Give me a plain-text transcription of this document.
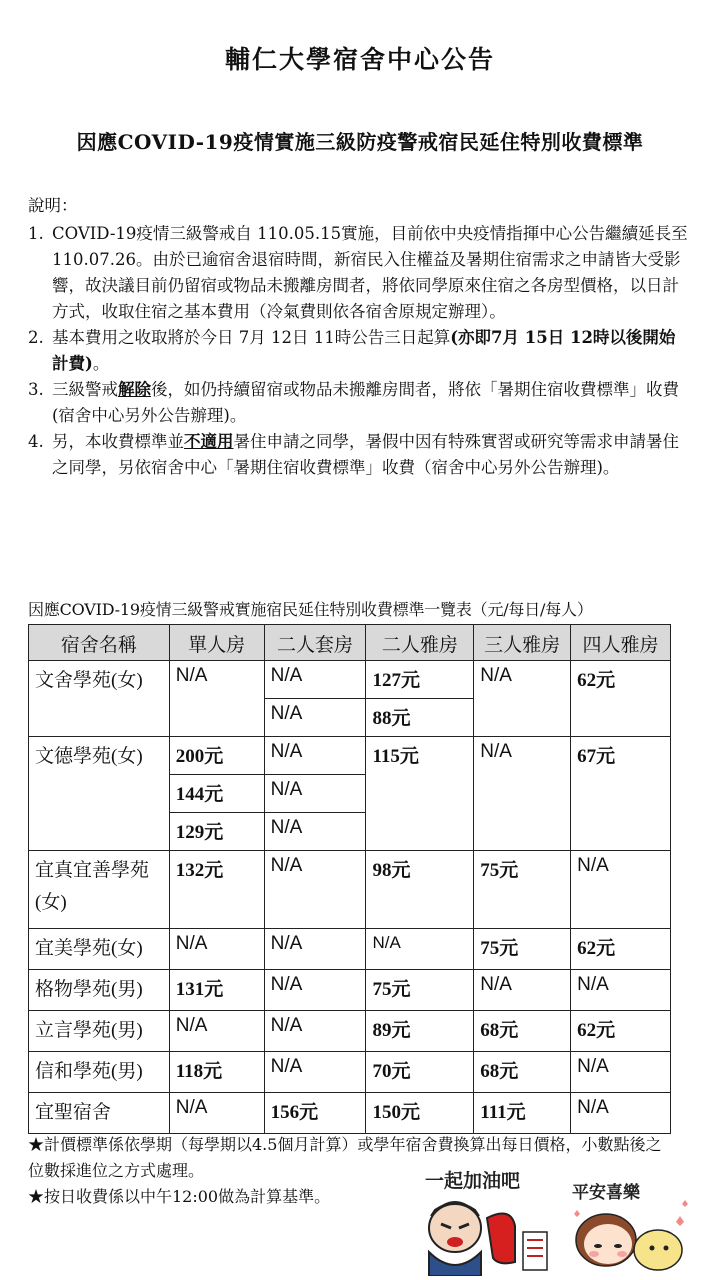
輔仁大學宿舍中心公告
因應COVID-19疫情實施三級防疫警戒宿民延住特別收費標準
說明：
1. COVID-19疫情三級警戒自 110.05.15實施，目前依中央疫情指揮中心公告繼續延長至 110.07.26。由於已逾宿舍退宿時間，新宿民入住權益及暑期住宿需求之申請皆大受影響，故決議目前仍留宿或物品未搬離房間者，將依同學原來住宿之各房型價格，以日計方式，收取住宿之基本費用（冷氣費則依各宿舍原規定辦理）。
2. 基本費用之收取將於今日 7月 12日 11時公告三日起算(亦即7月 15日 12時以後開始計費)。
3. 三級警戒解除後，如仍持續留宿或物品未搬離房間者，將依「暑期住宿收費標準」收費(宿舍中心另外公告辦理)。
4. 另，本收費標準並不適用暑住申請之同學，暑假中因有特殊實習或研究等需求申請暑住之同學，另依宿舍中心「暑期住宿收費標準」收費（宿舍中心另外公告辦理)。
因應COVID-19疫情三級警戒實施宿民延住特別收費標準一覽表（元/每日/每人）
宿舍名稱	單人房	二人套房	二人雅房	三人雅房	四人雅房
文舍學苑(女)	N/A	N/A	127元	N/A	62元
		N/A	88元		
文德學苑(女)	200元	N/A	115元	N/A	67元
	144元	N/A			
	129元	N/A			
宜真宜善學苑(女)	132元	N/A	98元	75元	N/A
宜美學苑(女)	N/A	N/A	N/A	75元	62元
格物學苑(男)	131元	N/A	75元	N/A	N/A
立言學苑(男)	N/A	N/A	89元	68元	62元
信和學苑(男)	118元	N/A	70元	68元	N/A
宜聖宿舍	N/A	156元	150元	111元	N/A
★計價標準係依學期（每學期以4.5個月計算）或學年宿舍費換算出每日價格，小數點後之位數採進位之方式處理。
★按日收費係以中午12:00做為計算基準。
一起加油吧
平安喜樂
